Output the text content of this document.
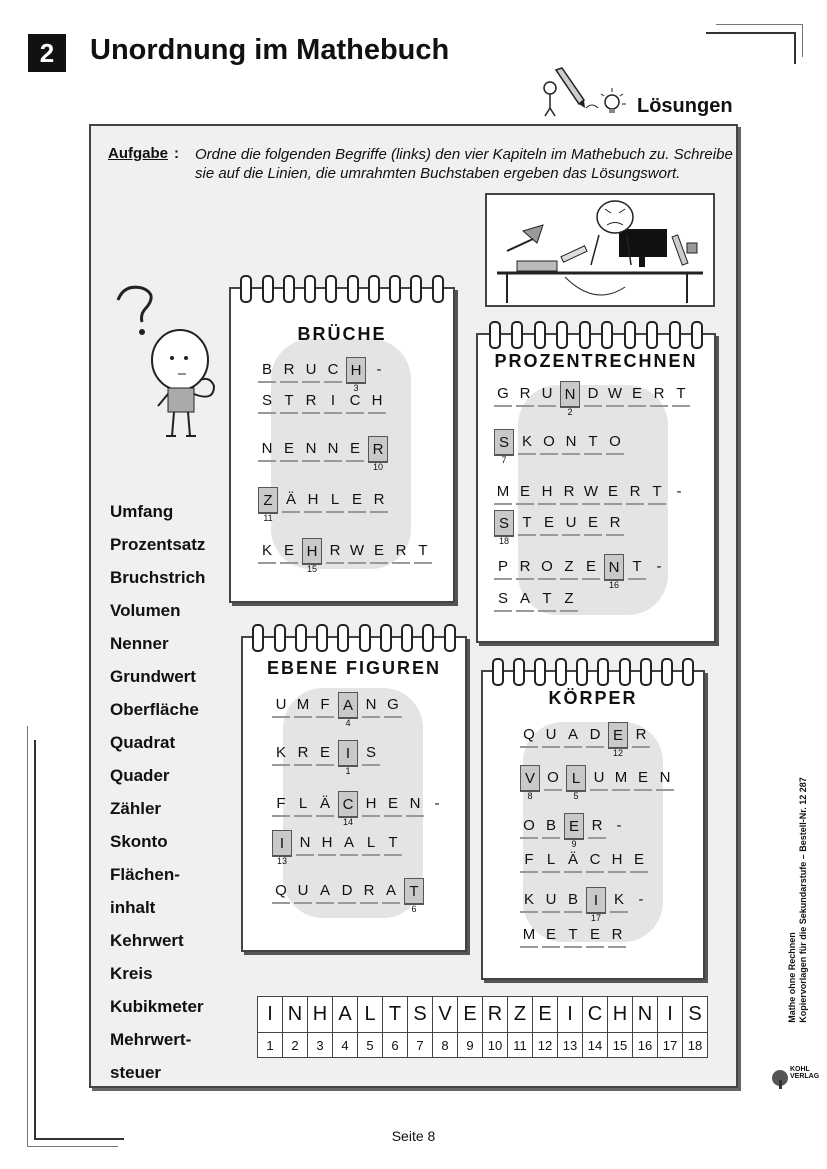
2	Unordnung im Mathebuch
Lösungen
Aufgabe : Ordne die folgenden Begriffe (links) den vier Kapiteln im Mathebuch zu. Schreibe sie auf die Linien, die umrahmten Buchstaben ergeben das Lösungswort.
Umfang
Prozentsatz
Bruchstrich
Volumen
Nenner
Grundwert
Oberfläche
Quadrat
Quader
Zähler
Skonto
Flächen-
inhalt
Kehrwert
Kreis
Kubikmeter
Mehrwert-
steuer
BRÜCHE
B R U C H
3
-
S T R I C H
N E N N E R
10
Z
11
Ä H L E R
K E H
15
R W E R T
PROZENTRECHNEN
G R U N
2
D W E R T
S
7
K O N T O
M E H R W E R T -
S
18
T E U E R
P R O Z E N
16
T -
S A T Z
EBENE FIGUREN
U M F A
4
N G
K R E I
1
S
F L Ä C
14
H E N -
I
13
N H A L T
Q U A D R A T
6
KÖRPER
Q U A D E
12
R
V
8
O L
5
U M E N
O B E
9
R -
F L Ä C H E
K U B I
17
K -
M E T E R
I	N	H	A	L	T	S	V	E	R	Z	E	I	C	H	N	I	S
1	2	3	4	5	6	7	8	9	10	11	12	13	14	15	16	17	18
Mathe ohne Rechnen Kopiervorlagen für die Sekundarstufe – Bestell-Nr. 12 287
KOHL VERLAG
Seite 8
